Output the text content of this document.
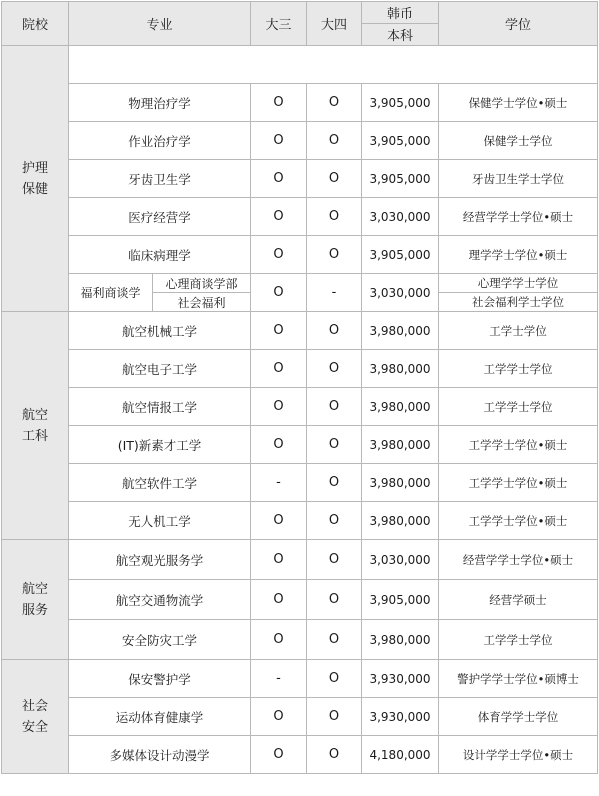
院校	专业		大三	大四	韩币	学位
					本科	

护理
保健						

	物理治疗学		O	O	3,905,000	保健学士学位•硕士
	作业治疗学		O	O	3,905,000	保健学士学位
	牙齿卫生学		O	O	3,905,000	牙齿卫生学士学位
	医疗经营学		O	O	3,030,000	经营学学士学位•硕士
	临床病理学		O	O	3,905,000	理学学士学位•硕士
	福利商谈学	心理商谈学部	O	-	3,030,000	心理学学士学位
		社会福利				社会福利学士学位

航空
工科	航空机械工学		O	O	3,980,000	工学士学位
	航空电子工学		O	O	3,980,000	工学学士学位
	航空情报工学		O	O	3,980,000	工学学士学位
	(IT)新素才工学		O	O	3,980,000	工学学士学位•硕士
	航空软件工学		-	O	3,980,000	工学学士学位•硕士
	无人机工学		O	O	3,980,000	工学学士学位•硕士

航空
服务	航空观光服务学		O	O	3,030,000	经营学学士学位•硕士
	航空交通物流学		O	O	3,905,000	经营学硕士
	安全防灾工学		O	O	3,980,000	工学学士学位

社会
安全	保安警护学		-	O	3,930,000	警护学学士学位•硕博士
	运动体育健康学		O	O	3,930,000	体育学学士学位
	多媒体设计动漫学		O	O	4,180,000	设计学学士学位•硕士
